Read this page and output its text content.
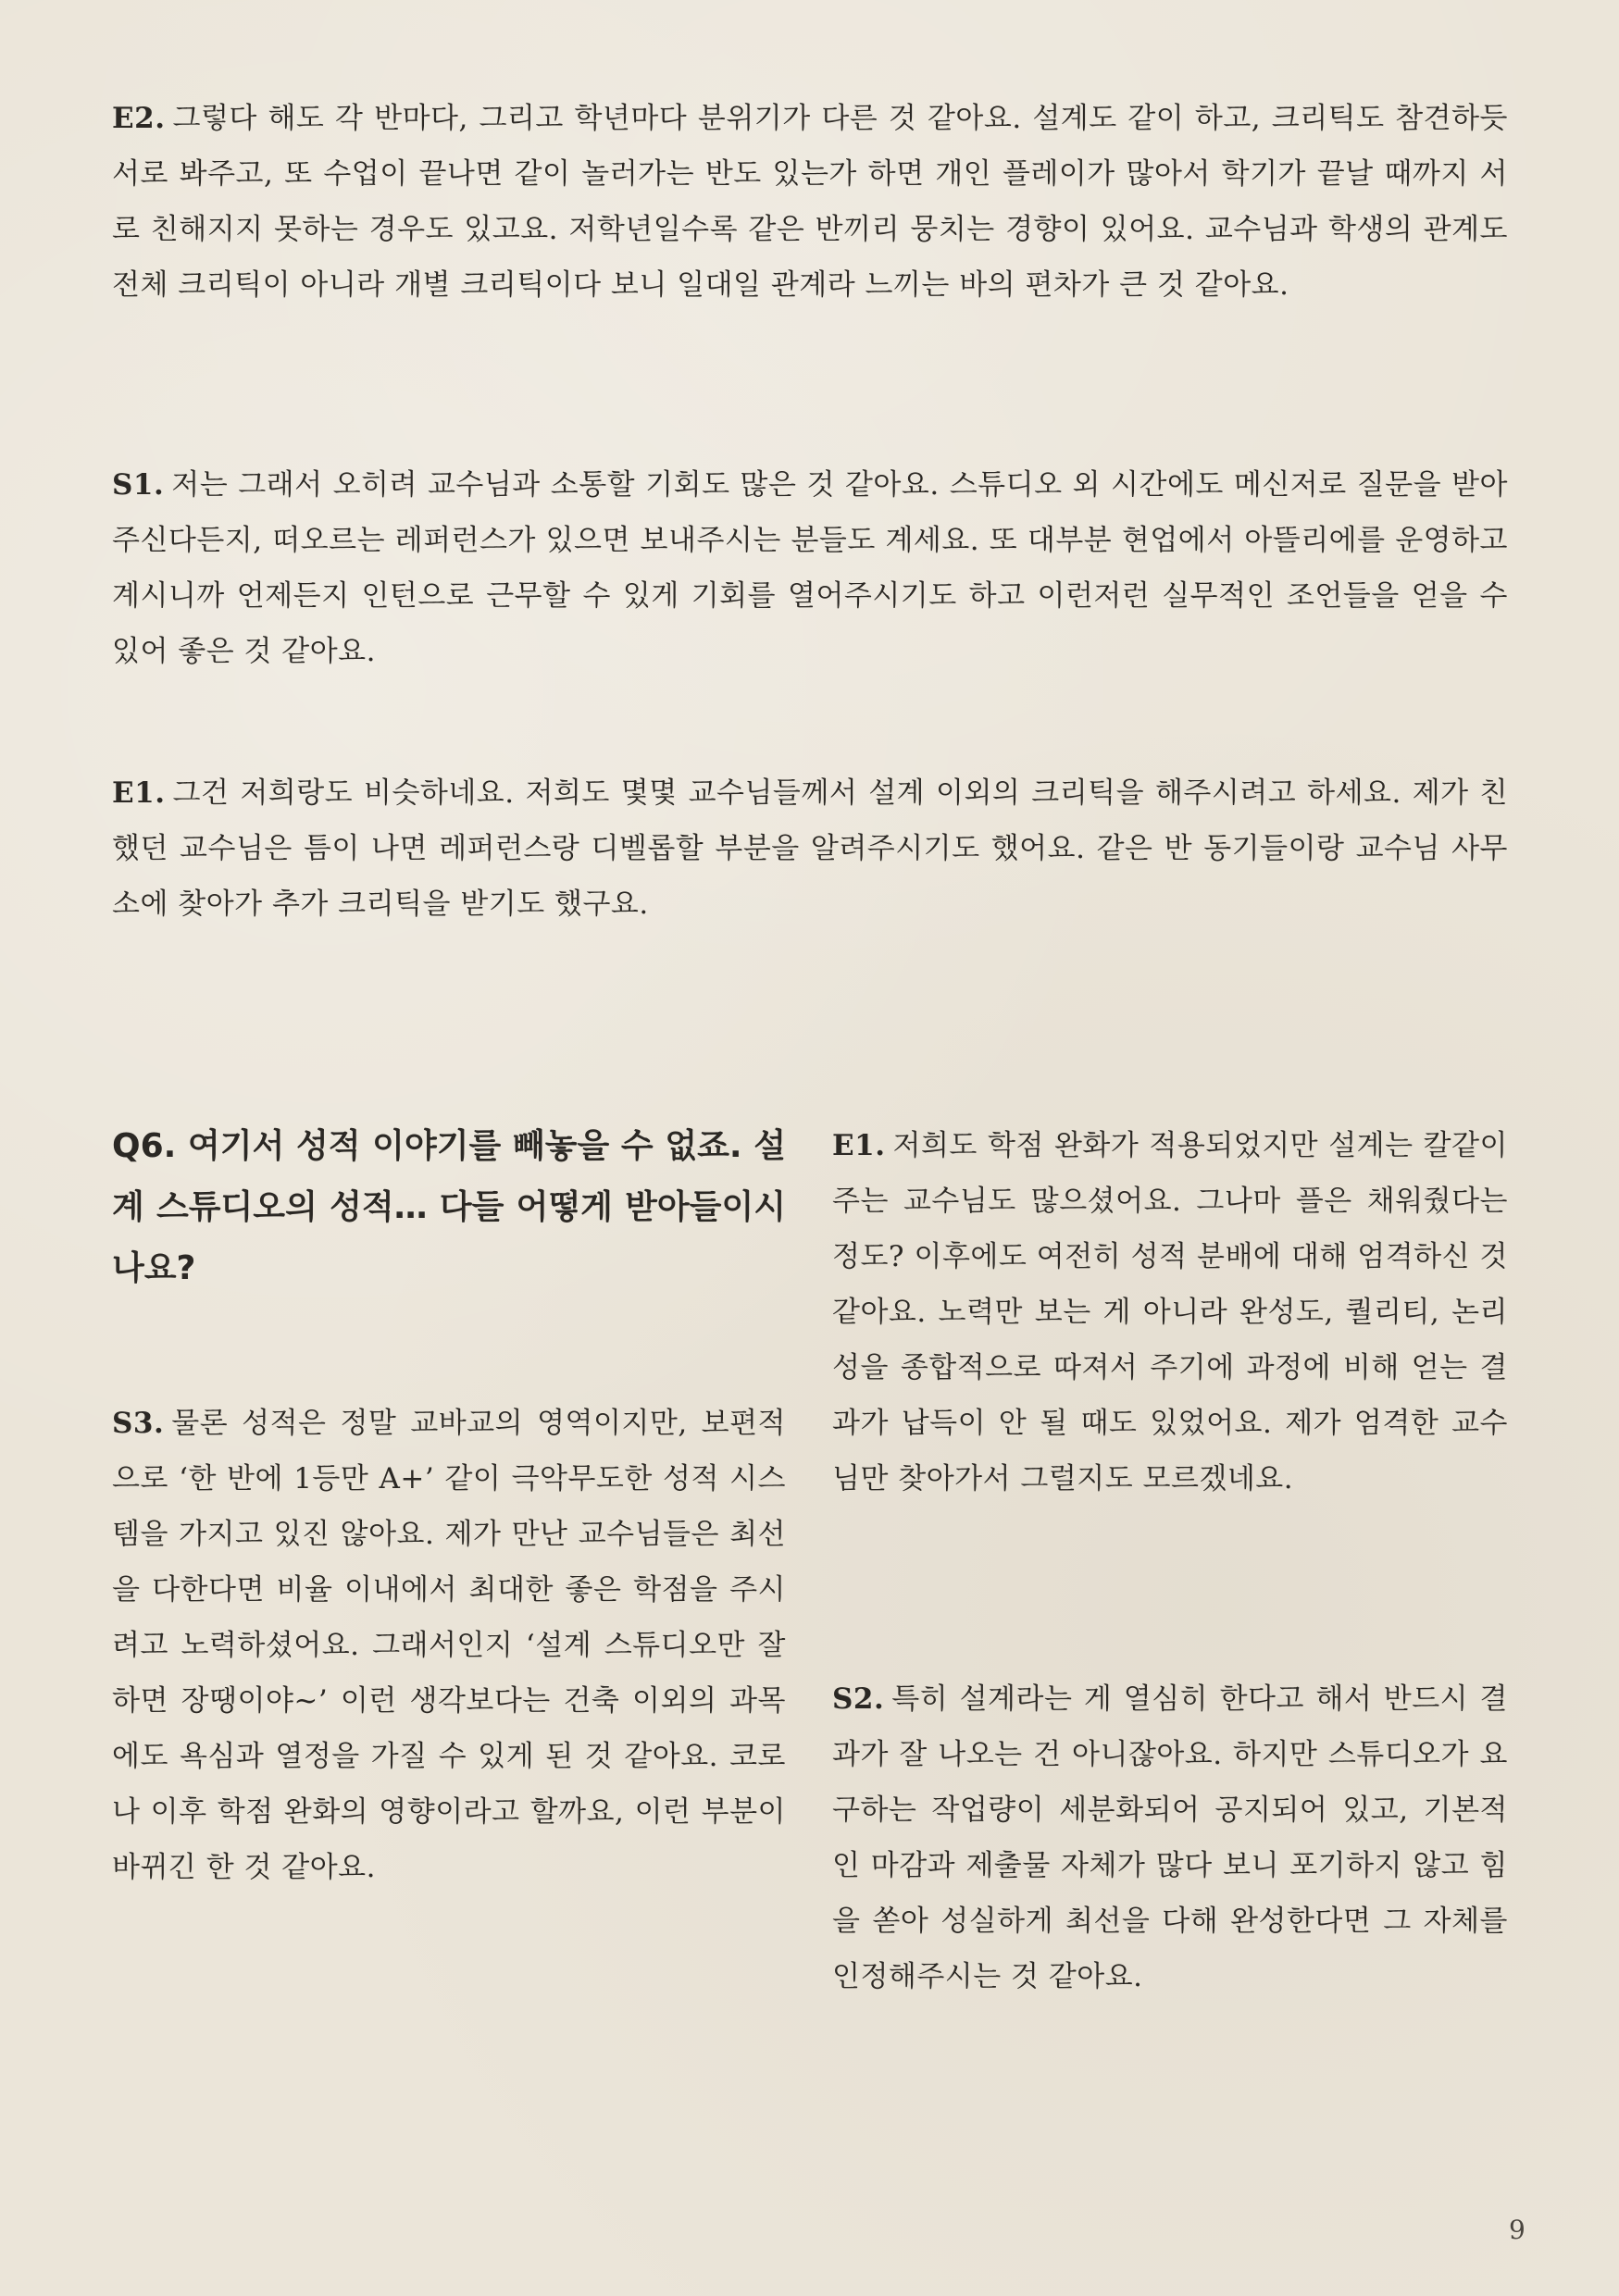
E2. 그렇다 해도 각 반마다, 그리고 학년마다 분위기가 다른 것 같아요. 설계도 같이 하고, 크리틱도 참견하듯 서로 봐주고, 또 수업이 끝나면 같이 놀러가는 반도 있는가 하면 개인 플레이가 많아서 학기가 끝날 때까지 서로 친해지지 못하는 경우도 있고요. 저학년일수록 같은 반끼리 뭉치는 경향이 있어요. 교수님과 학생의 관계도 전체 크리틱이 아니라 개별 크리틱이다 보니 일대일 관계라 느끼는 바의 편차가 큰 것 같아요.

S1. 저는 그래서 오히려 교수님과 소통할 기회도 많은 것 같아요. 스튜디오 외 시간에도 메신저로 질문을 받아주신다든지, 떠오르는 레퍼런스가 있으면 보내주시는 분들도 계세요. 또 대부분 현업에서 아뜰리에를 운영하고 계시니까 언제든지 인턴으로 근무할 수 있게 기회를 열어주시기도 하고 이런저런 실무적인 조언들을 얻을 수 있어 좋은 것 같아요.

E1. 그건 저희랑도 비슷하네요. 저희도 몇몇 교수님들께서 설계 이외의 크리틱을 해주시려고 하세요. 제가 친했던 교수님은 틈이 나면 레퍼런스랑 디벨롭할 부분을 알려주시기도 했어요. 같은 반 동기들이랑 교수님 사무소에 찾아가 추가 크리틱을 받기도 했구요.

Q6. 여기서 성적 이야기를 빼놓을 수 없죠. 설계 스튜디오의 성적… 다들 어떻게 받아들이시나요?

S3. 물론 성적은 정말 교바교의 영역이지만, 보편적으로 ‘한 반에 1등만 A+’ 같이 극악무도한 성적 시스템을 가지고 있진 않아요. 제가 만난 교수님들은 최선을 다한다면 비율 이내에서 최대한 좋은 학점을 주시려고 노력하셨어요. 그래서인지 ‘설계 스튜디오만 잘하면 장땡이야~’ 이런 생각보다는 건축 이외의 과목에도 욕심과 열정을 가질 수 있게 된 것 같아요. 코로나 이후 학점 완화의 영향이라고 할까요, 이런 부분이 바뀌긴 한 것 같아요.

E1. 저희도 학점 완화가 적용되었지만 설계는 칼같이 주는 교수님도 많으셨어요. 그나마 플은 채워줬다는 정도? 이후에도 여전히 성적 분배에 대해 엄격하신 것 같아요. 노력만 보는 게 아니라 완성도, 퀄리티, 논리성을 종합적으로 따져서 주기에 과정에 비해 얻는 결과가 납득이 안 될 때도 있었어요. 제가 엄격한 교수님만 찾아가서 그럴지도 모르겠네요.

S2. 특히 설계라는 게 열심히 한다고 해서 반드시 결과가 잘 나오는 건 아니잖아요. 하지만 스튜디오가 요구하는 작업량이 세분화되어 공지되어 있고, 기본적인 마감과 제출물 자체가 많다 보니 포기하지 않고 힘을 쏟아 성실하게 최선을 다해 완성한다면 그 자체를 인정해주시는 것 같아요.

9
